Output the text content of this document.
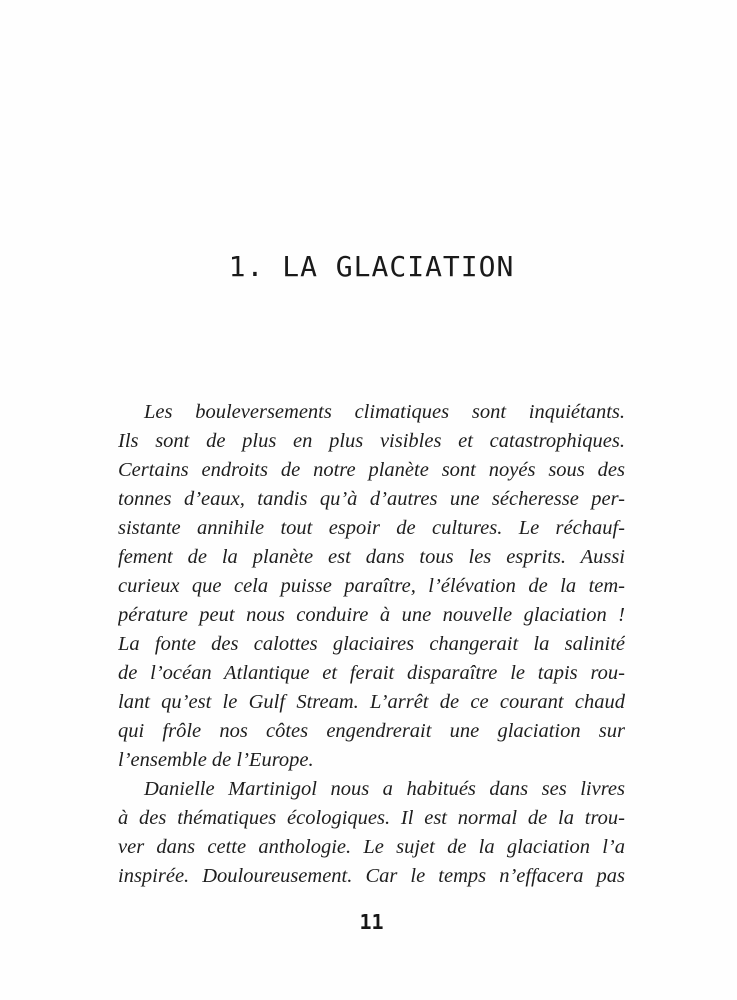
1. LA GLACIATION
Les bouleversements climatiques sont inquiétants.
Ils sont de plus en plus visibles et catastrophiques.
Certains endroits de notre planète sont noyés sous des
tonnes d’eaux, tandis qu’à d’autres une sécheresse per-
sistante annihile tout espoir de cultures. Le réchauf-
fement de la planète est dans tous les esprits. Aussi
curieux que cela puisse paraître, l’élévation de la tem-
pérature peut nous conduire à une nouvelle glaciation !
La fonte des calottes glaciaires changerait la salinité
de l’océan Atlantique et ferait disparaître le tapis rou-
lant qu’est le Gulf Stream. L’arrêt de ce courant chaud
qui frôle nos côtes engendrerait une glaciation sur
l’ensemble de l’Europe.
Danielle Martinigol nous a habitués dans ses livres
à des thématiques écologiques. Il est normal de la trou-
ver dans cette anthologie. Le sujet de la glaciation l’a
inspirée. Douloureusement. Car le temps n’effacera pas
11
